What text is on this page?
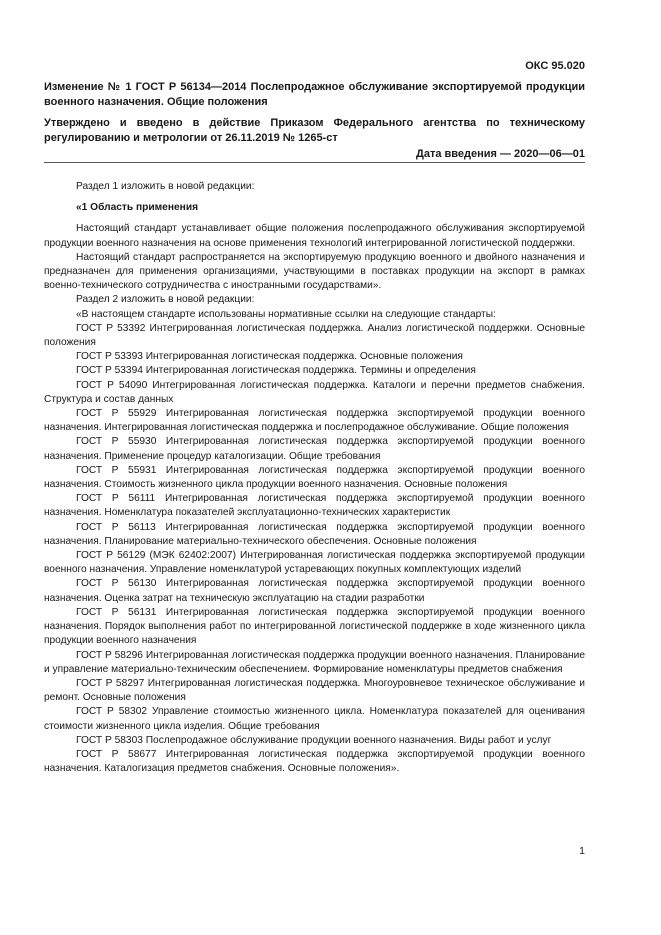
ОКС 95.020
Изменение № 1 ГОСТ Р 56134—2014 Послепродажное обслуживание экспортируемой продукции военного назначения. Общие положения
Утверждено и введено в действие Приказом Федерального агентства по техническому регулированию и метрологии от 26.11.2019 № 1265-ст
Дата введения — 2020—06—01

Раздел 1 изложить в новой редакции:

«1 Область применения

Настоящий стандарт устанавливает общие положения послепродажного обслуживания экспортируемой продукции военного назначения на основе применения технологий интегрированной логистической поддержки.

Настоящий стандарт распространяется на экспортируемую продукцию военного и двойного назначения и предназначен для применения организациями, участвующими в поставках продукции на экспорт в рамках военно-технического сотрудничества с иностранными государствами».

Раздел 2 изложить в новой редакции:

«В настоящем стандарте использованы нормативные ссылки на следующие стандарты:

ГОСТ Р 53392 Интегрированная логистическая поддержка. Анализ логистической поддержки. Основные положения

ГОСТ Р 53393 Интегрированная логистическая поддержка. Основные положения

ГОСТ Р 53394 Интегрированная логистическая поддержка. Термины и определения

ГОСТ Р 54090 Интегрированная логистическая поддержка. Каталоги и перечни предметов снабжения. Структура и состав данных

ГОСТ Р 55929 Интегрированная логистическая поддержка экспортируемой продукции военного назначения. Интегрированная логистическая поддержка и послепродажное обслуживание. Общие положения

ГОСТ Р 55930 Интегрированная логистическая поддержка экспортируемой продукции военного назначения. Применение процедур каталогизации. Общие требования

ГОСТ Р 55931 Интегрированная логистическая поддержка экспортируемой продукции военного назначения. Стоимость жизненного цикла продукции военного назначения. Основные положения

ГОСТ Р 56111 Интегрированная логистическая поддержка экспортируемой продукции военного назначения. Номенклатура показателей эксплуатационно-технических характеристик

ГОСТ Р 56113 Интегрированная логистическая поддержка экспортируемой продукции военного назначения. Планирование материально-технического обеспечения. Основные положения

ГОСТ Р 56129 (МЭК 62402:2007) Интегрированная логистическая поддержка экспортируемой продукции военного назначения. Управление номенклатурой устаревающих покупных комплектующих изделий

ГОСТ Р 56130 Интегрированная логистическая поддержка экспортируемой продукции военного назначения. Оценка затрат на техническую эксплуатацию на стадии разработки

ГОСТ Р 56131 Интегрированная логистическая поддержка экспортируемой продукции военного назначения. Порядок выполнения работ по интегрированной логистической поддержке в ходе жизненного цикла продукции военного назначения

ГОСТ Р 58296 Интегрированная логистическая поддержка продукции военного назначения. Планирование и управление материально-техническим обеспечением. Формирование номенклатуры предметов снабжения

ГОСТ Р 58297 Интегрированная логистическая поддержка. Многоуровневое техническое обслуживание и ремонт. Основные положения

ГОСТ Р 58302 Управление стоимостью жизненного цикла. Номенклатура показателей для оценивания стоимости жизненного цикла изделия. Общие требования

ГОСТ Р 58303 Послепродажное обслуживание продукции военного назначения. Виды работ и услуг

ГОСТ Р 58677 Интегрированная логистическая поддержка экспортируемой продукции военного назначения. Каталогизация предметов снабжения. Основные положения».

1
